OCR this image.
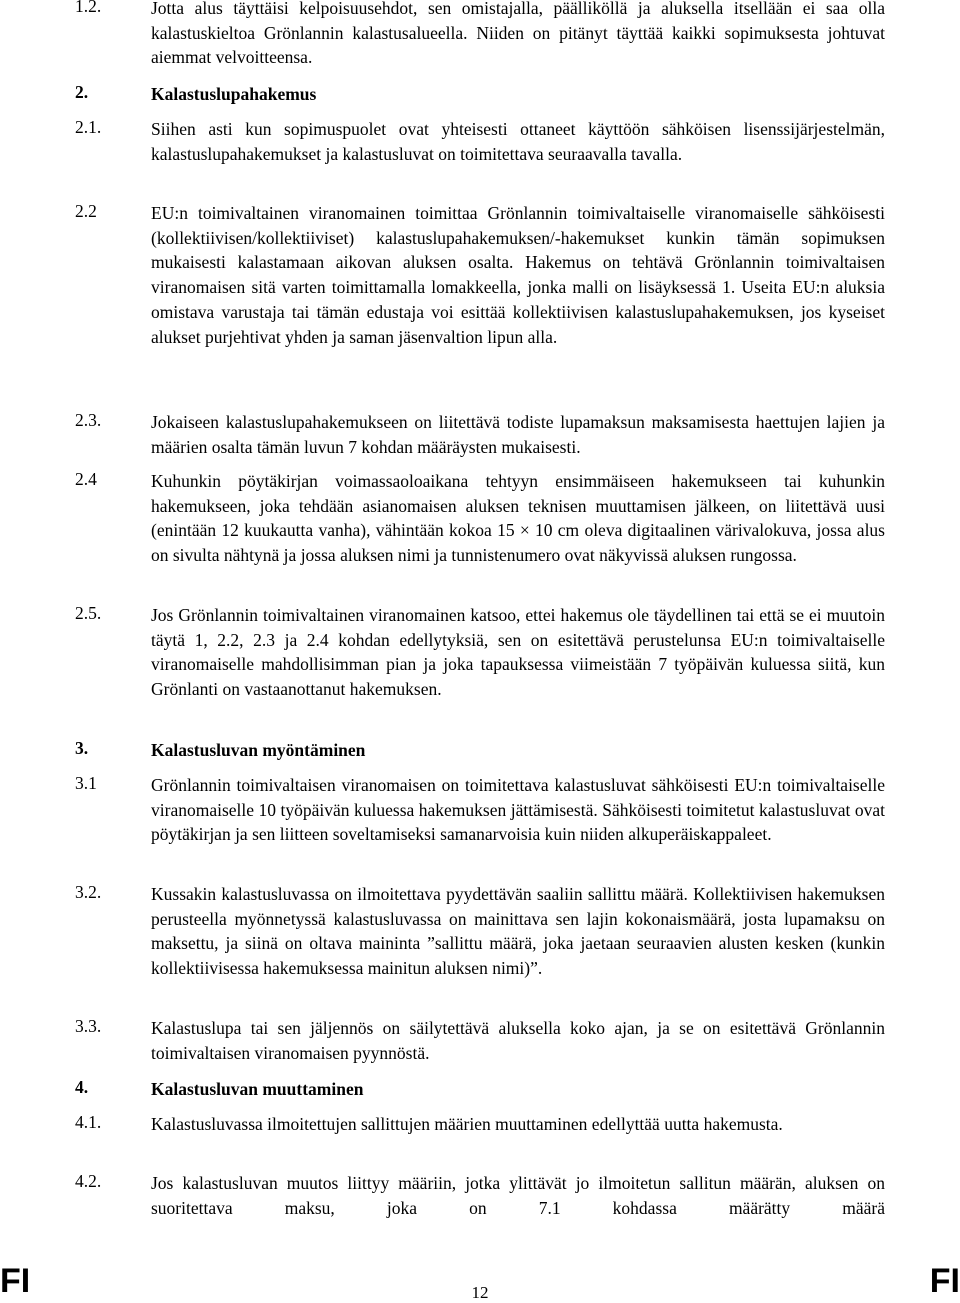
1.2.	Jotta alus täyttäisi kelpoisuusehdot, sen omistajalla, päälliköllä ja aluksella itsellään ei saa olla kalastuskieltoa Grönlannin kalastusalueella. Niiden on pitänyt täyttää kaikki sopimuksesta johtuvat aiemmat velvoitteensa.
2.	Kalastuslupahakemus
2.1.	Siihen asti kun sopimuspuolet ovat yhteisesti ottaneet käyttöön sähköisen lisenssijärjestelmän, kalastuslupahakemukset ja kalastusluvat on toimitettava seuraavalla tavalla.
2.2	EU:n toimivaltainen viranomainen toimittaa Grönlannin toimivaltaiselle viranomaiselle sähköisesti (kollektiivisen/kollektiiviset) kalastuslupahakemuksen/-hakemukset kunkin tämän sopimuksen mukaisesti kalastamaan aikovan aluksen osalta. Hakemus on tehtävä Grönlannin toimivaltaisen viranomaisen sitä varten toimittamalla lomakkeella, jonka malli on lisäyksessä 1. Useita EU:n aluksia omistava varustaja tai tämän edustaja voi esittää kollektiivisen kalastuslupahakemuksen, jos kyseiset alukset purjehtivat yhden ja saman jäsenvaltion lipun alla.
2.3.	Jokaiseen kalastuslupahakemukseen on liitettävä todiste lupamaksun maksamisesta haettujen lajien ja määrien osalta tämän luvun 7 kohdan määräysten mukaisesti.
2.4	Kuhunkin pöytäkirjan voimassaoloaikana tehtyyn ensimmäiseen hakemukseen tai kuhunkin hakemukseen, joka tehdään asianomaisen aluksen teknisen muuttamisen jälkeen, on liitettävä uusi (enintään 12 kuukautta vanha), vähintään kokoa 15 × 10 cm oleva digitaalinen värivalokuva, jossa alus on sivulta nähtynä ja jossa aluksen nimi ja tunnistenumero ovat näkyvissä aluksen rungossa.
2.5.	Jos Grönlannin toimivaltainen viranomainen katsoo, ettei hakemus ole täydellinen tai että se ei muutoin täytä 1, 2.2, 2.3 ja 2.4 kohdan edellytyksiä, sen on esitettävä perustelunsa EU:n toimivaltaiselle viranomaiselle mahdollisimman pian ja joka tapauksessa viimeistään 7 työpäivän kuluessa siitä, kun Grönlanti on vastaanottanut hakemuksen.
3.	Kalastusluvan myöntäminen
3.1	Grönlannin toimivaltaisen viranomaisen on toimitettava kalastusluvat sähköisesti EU:n toimivaltaiselle viranomaiselle 10 työpäivän kuluessa hakemuksen jättämisestä. Sähköisesti toimitetut kalastusluvat ovat pöytäkirjan ja sen liitteen soveltamiseksi samanarvoisia kuin niiden alkuperäiskappaleet.
3.2.	Kussakin kalastusluvassa on ilmoitettava pyydettävän saaliin sallittu määrä. Kollektiivisen hakemuksen perusteella myönnetyssä kalastusluvassa on mainittava sen lajin kokonaismäärä, josta lupamaksu on maksettu, ja siinä on oltava maininta ”sallittu määrä, joka jaetaan seuraavien alusten kesken (kunkin kollektiivisessa hakemuksessa mainitun aluksen nimi)”.
3.3.	Kalastuslupa tai sen jäljennös on säilytettävä aluksella koko ajan, ja se on esitettävä Grönlannin toimivaltaisen viranomaisen pyynnöstä.
4.	Kalastusluvan muuttaminen
4.1.	Kalastusluvassa ilmoitettujen sallittujen määrien muuttaminen edellyttää uutta hakemusta.
4.2.	Jos kalastusluvan muutos liittyy määriin, jotka ylittävät jo ilmoitetun sallitun määrän, aluksen on suoritettava maksu, joka on 7.1 kohdassa määrätty määrä
FI	12	FI
